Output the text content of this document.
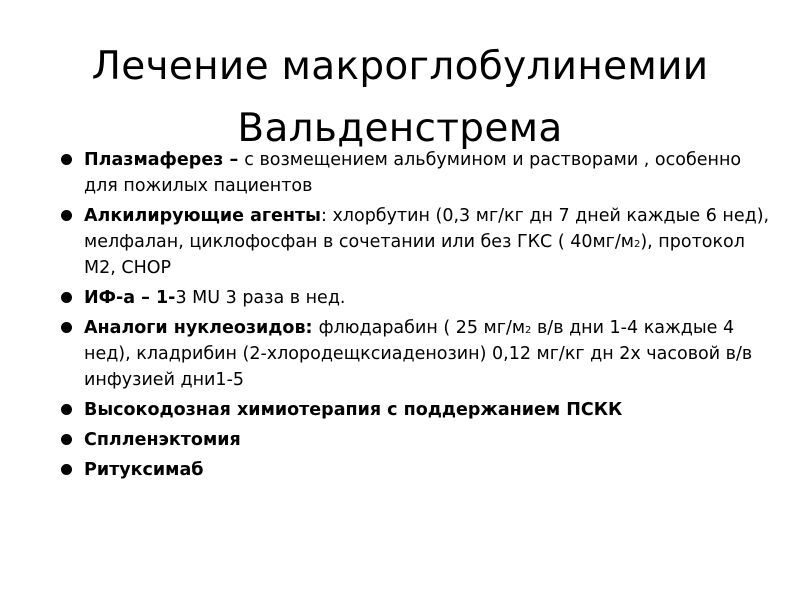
Лечение макроглобулинемии
Вальденстрема
Плазмаферез – с возмещением альбумином и растворами , особенно для пожилых пациентов
Алкилирующие агенты: хлорбутин (0,3 мг/кг дн 7 дней каждые 6 нед), мелфалан, циклофосфан в сочетании или без ГКС ( 40мг/м2), протокол М2, CHOP
ИФ-а – 1-3 MU 3 раза в нед.
Аналоги нуклеозидов: флюдарабин ( 25 мг/м2 в/в дни 1-4 каждые 4 нед), кладрибин (2-хлородещксиаденозин) 0,12 мг/кг дн 2х часовой в/в инфузией дни1-5
Высокодозная химиотерапия с поддержанием ПСКК
Сплленэктомия
Ритуксимаб
